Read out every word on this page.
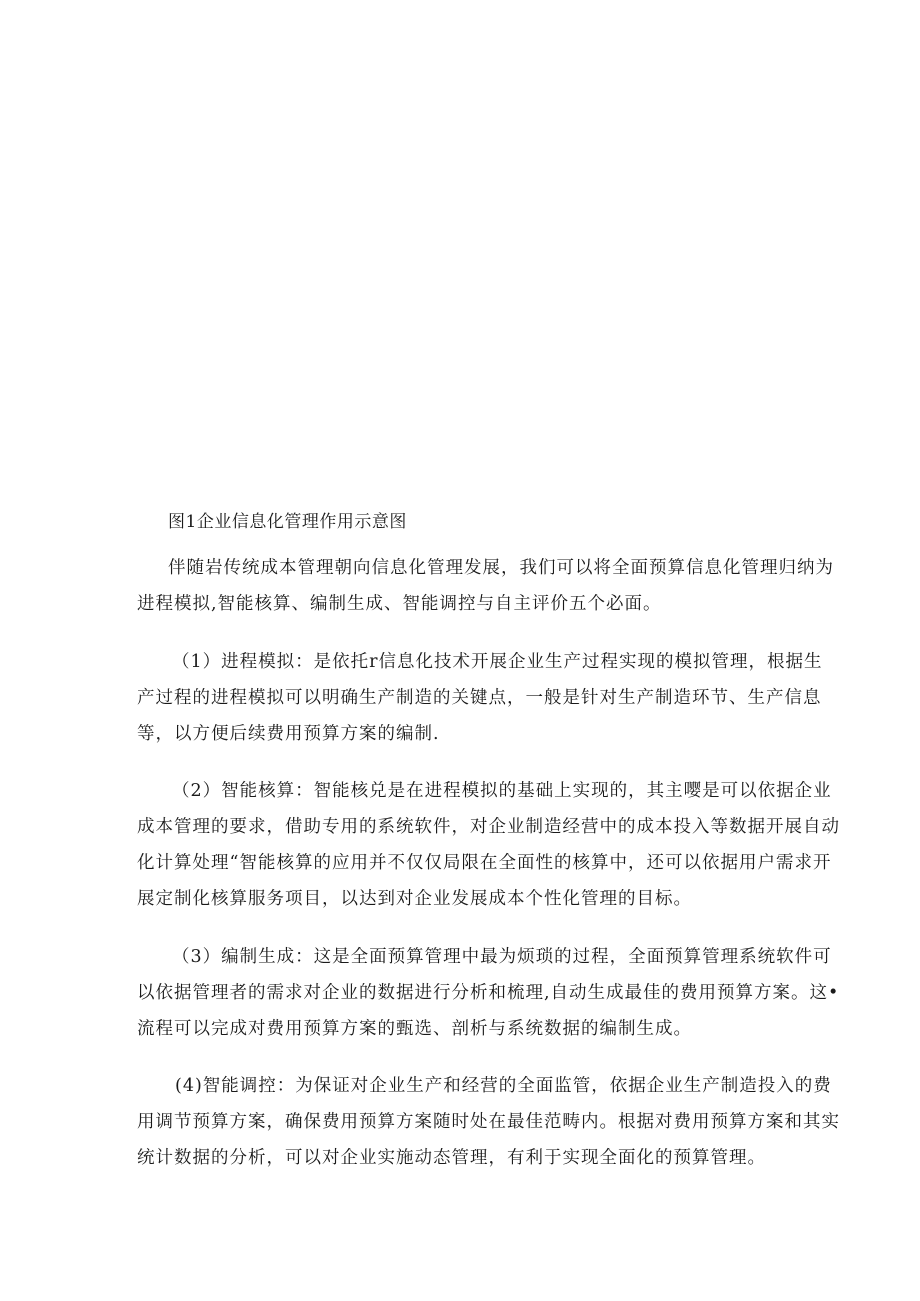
图1企业信息化管理作用示意图

伴随岩传统成本管理朝向信息化管理发展，我们可以将全面预算信息化管理归纳为
进程模拟,智能核算、编制生成、智能调控与自主评价五个必面。

（1）进程模拟：是依托r信息化技术开展企业生产过程实现的模拟管理，根据生
产过程的进程模拟可以明确生产制造的关键点，一般是针对生产制造环节、生产信息
等，以方便后续费用预算方案的编制.

（2）智能核算：智能核兑是在进程模拟的基础上实现的，其主嘤是可以依据企业
成本管理的要求，借助专用的系统软件，对企业制造经营中的成本投入等数据开展自动
化计算处理“智能核算的应用并不仅仅局限在全面性的核算中，还可以依据用户需求开
展定制化核算服务项目，以达到对企业发展成本个性化管理的目标。

（3）编制生成：这是全面预算管理中最为烦琐的过程，全面预算管理系统软件可
以依据管理者的需求对企业的数据进行分析和梳理,自动生成最佳的费用预算方案。这•
流程可以完成对费用预算方案的甄选、剖析与系统数据的编制生成。

(4)智能调控：为保证对企业生产和经营的全面监管，依据企业生产制造投入的费
用调节预算方案，确保费用预算方案随时处在最佳范畴内。根据对费用预算方案和其实
统计数据的分析，可以对企业实施动态管理，有利于实现全面化的预算管理。
